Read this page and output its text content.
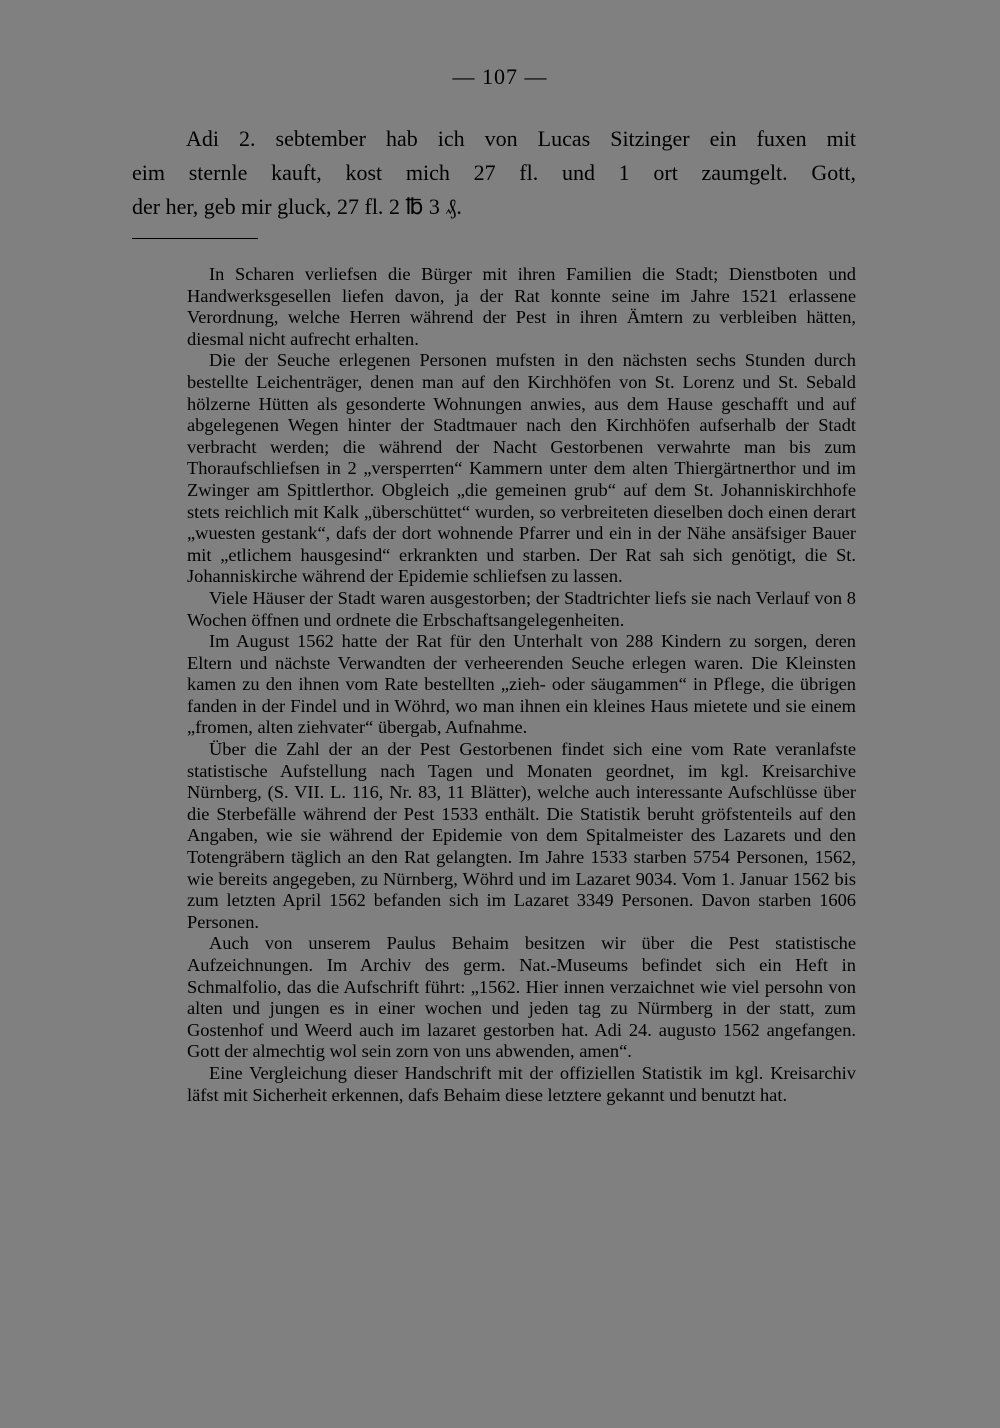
— 107 —

Adi 2. sebtember hab ich von Lucas Sitzinger ein fuxen mit
eim sternle kauft, kost mich 27 fl. und 1 ort zaumgelt. Gott,
der her, geb mir gluck, 27 fl. 2 ℔ 3 ₰.

In Scharen verliefsen die Bürger mit ihren Familien die Stadt; Dienstboten und Handwerksgesellen liefen davon, ja der Rat konnte seine im Jahre 1521 erlassene Verordnung, welche Herren während der Pest in ihren Ämtern zu verbleiben hätten, diesmal nicht aufrecht erhalten.

Die der Seuche erlegenen Personen mufsten in den nächsten sechs Stunden durch bestellte Leichenträger, denen man auf den Kirchhöfen von St. Lorenz und St. Sebald hölzerne Hütten als gesonderte Wohnungen anwies, aus dem Hause geschafft und auf abgelegenen Wegen hinter der Stadtmauer nach den Kirchhöfen aufserhalb der Stadt verbracht werden; die während der Nacht Gestorbenen verwahrte man bis zum Thoraufschliefsen in 2 „versperrten“ Kammern unter dem alten Thiergärtnerthor und im Zwinger am Spittlerthor. Obgleich „die gemeinen grub“ auf dem St. Johanniskirchhofe stets reichlich mit Kalk „überschüttet“ wurden, so verbreiteten dieselben doch einen derart „wuesten gestank“, dafs der dort wohnende Pfarrer und ein in der Nähe ansäfsiger Bauer mit „etlichem hausgesind“ erkrankten und starben. Der Rat sah sich genötigt, die St. Johanniskirche während der Epidemie schliefsen zu lassen.

Viele Häuser der Stadt waren ausgestorben; der Stadtrichter liefs sie nach Verlauf von 8 Wochen öffnen und ordnete die Erbschaftsangelegenheiten.

Im August 1562 hatte der Rat für den Unterhalt von 288 Kindern zu sorgen, deren Eltern und nächste Verwandten der verheerenden Seuche erlegen waren. Die Kleinsten kamen zu den ihnen vom Rate bestellten „zieh- oder säugammen“ in Pflege, die übrigen fanden in der Findel und in Wöhrd, wo man ihnen ein kleines Haus mietete und sie einem „fromen, alten ziehvater“ übergab, Aufnahme.

Über die Zahl der an der Pest Gestorbenen findet sich eine vom Rate veranlafste statistische Aufstellung nach Tagen und Monaten geordnet, im kgl. Kreisarchive Nürnberg, (S. VII. L. 116, Nr. 83, 11 Blätter), welche auch interessante Aufschlüsse über die Sterbefälle während der Pest 1533 enthält. Die Statistik beruht gröfstenteils auf den Angaben, wie sie während der Epidemie von dem Spitalmeister des Lazarets und den Totengräbern täglich an den Rat gelangten. Im Jahre 1533 starben 5754 Personen, 1562, wie bereits angegeben, zu Nürnberg, Wöhrd und im Lazaret 9034. Vom 1. Januar 1562 bis zum letzten April 1562 befanden sich im Lazaret 3349 Personen. Davon starben 1606 Personen.

Auch von unserem Paulus Behaim besitzen wir über die Pest statistische Aufzeichnungen. Im Archiv des germ. Nat.-Museums befindet sich ein Heft in Schmalfolio, das die Aufschrift führt: „1562. Hier innen verzaichnet wie viel persohn von alten und jungen es in einer wochen und jeden tag zu Nürmberg in der statt, zum Gostenhof und Weerd auch im lazaret gestorben hat. Adi 24. augusto 1562 angefangen. Gott der almechtig wol sein zorn von uns abwenden, amen“.

Eine Vergleichung dieser Handschrift mit der offiziellen Statistik im kgl. Kreisarchiv läfst mit Sicherheit erkennen, dafs Behaim diese letztere gekannt und benutzt hat.
